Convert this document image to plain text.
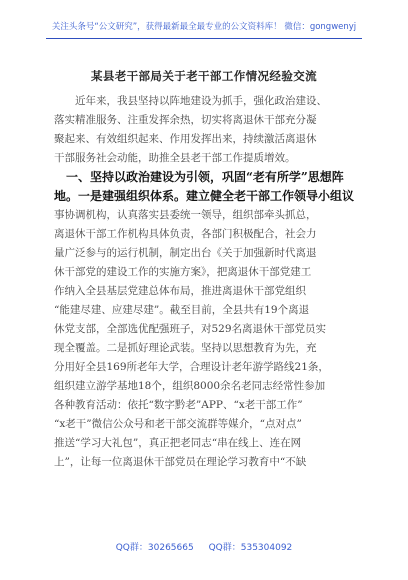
关注头条号“公文研究”，获得最新最全最专业的公文资料库！ 微信：gongwenyj
某县老干部局关于老干部工作情况经验交流
　　近年来，我县坚持以阵地建设为抓手，强化政治建设、
落实精准服务、注重发挥余热，切实将离退休干部充分凝
聚起来、有效组织起来、作用发挥出来，持续激活离退休
干部服务社会动能，助推全县老干部工作提质增效。
　一、坚持以政治建设为引领，巩固“老有所学”思想阵
地。一是建强组织体系。建立健全老干部工作领导小组议
事协调机构，认真落实县委统一领导，组织部牵头抓总，
离退休干部工作机构具体负责，各部门积极配合，社会力
量广泛参与的运行机制，制定出台《关于加强新时代离退
休干部党的建设工作的实施方案》，把离退休干部党建工
作纳入全县基层党建总体布局，推进离退休干部党组织
“能建尽建、应建尽建”。截至目前，全县共有19个离退
休党支部，全部选优配强班子，对529名离退休干部党员实
现全覆盖。二是抓好理论武装。坚持以思想教育为先，充
分用好全县169所老年大学，合理设计老年游学路线21条，
组织建立游学基地18个，组织8000余名老同志经常性参加
各种教育活动：依托“数字黔老”APP、“x老干部工作”
“x老干”微信公众号和老干部交流群等媒介，“点对点”
推送“学习大礼包”，真正把老同志“串在线上、连在网
上”，让每一位离退休干部党员在理论学习教育中“不缺
QQ群：30265665 QQ群：535304092
